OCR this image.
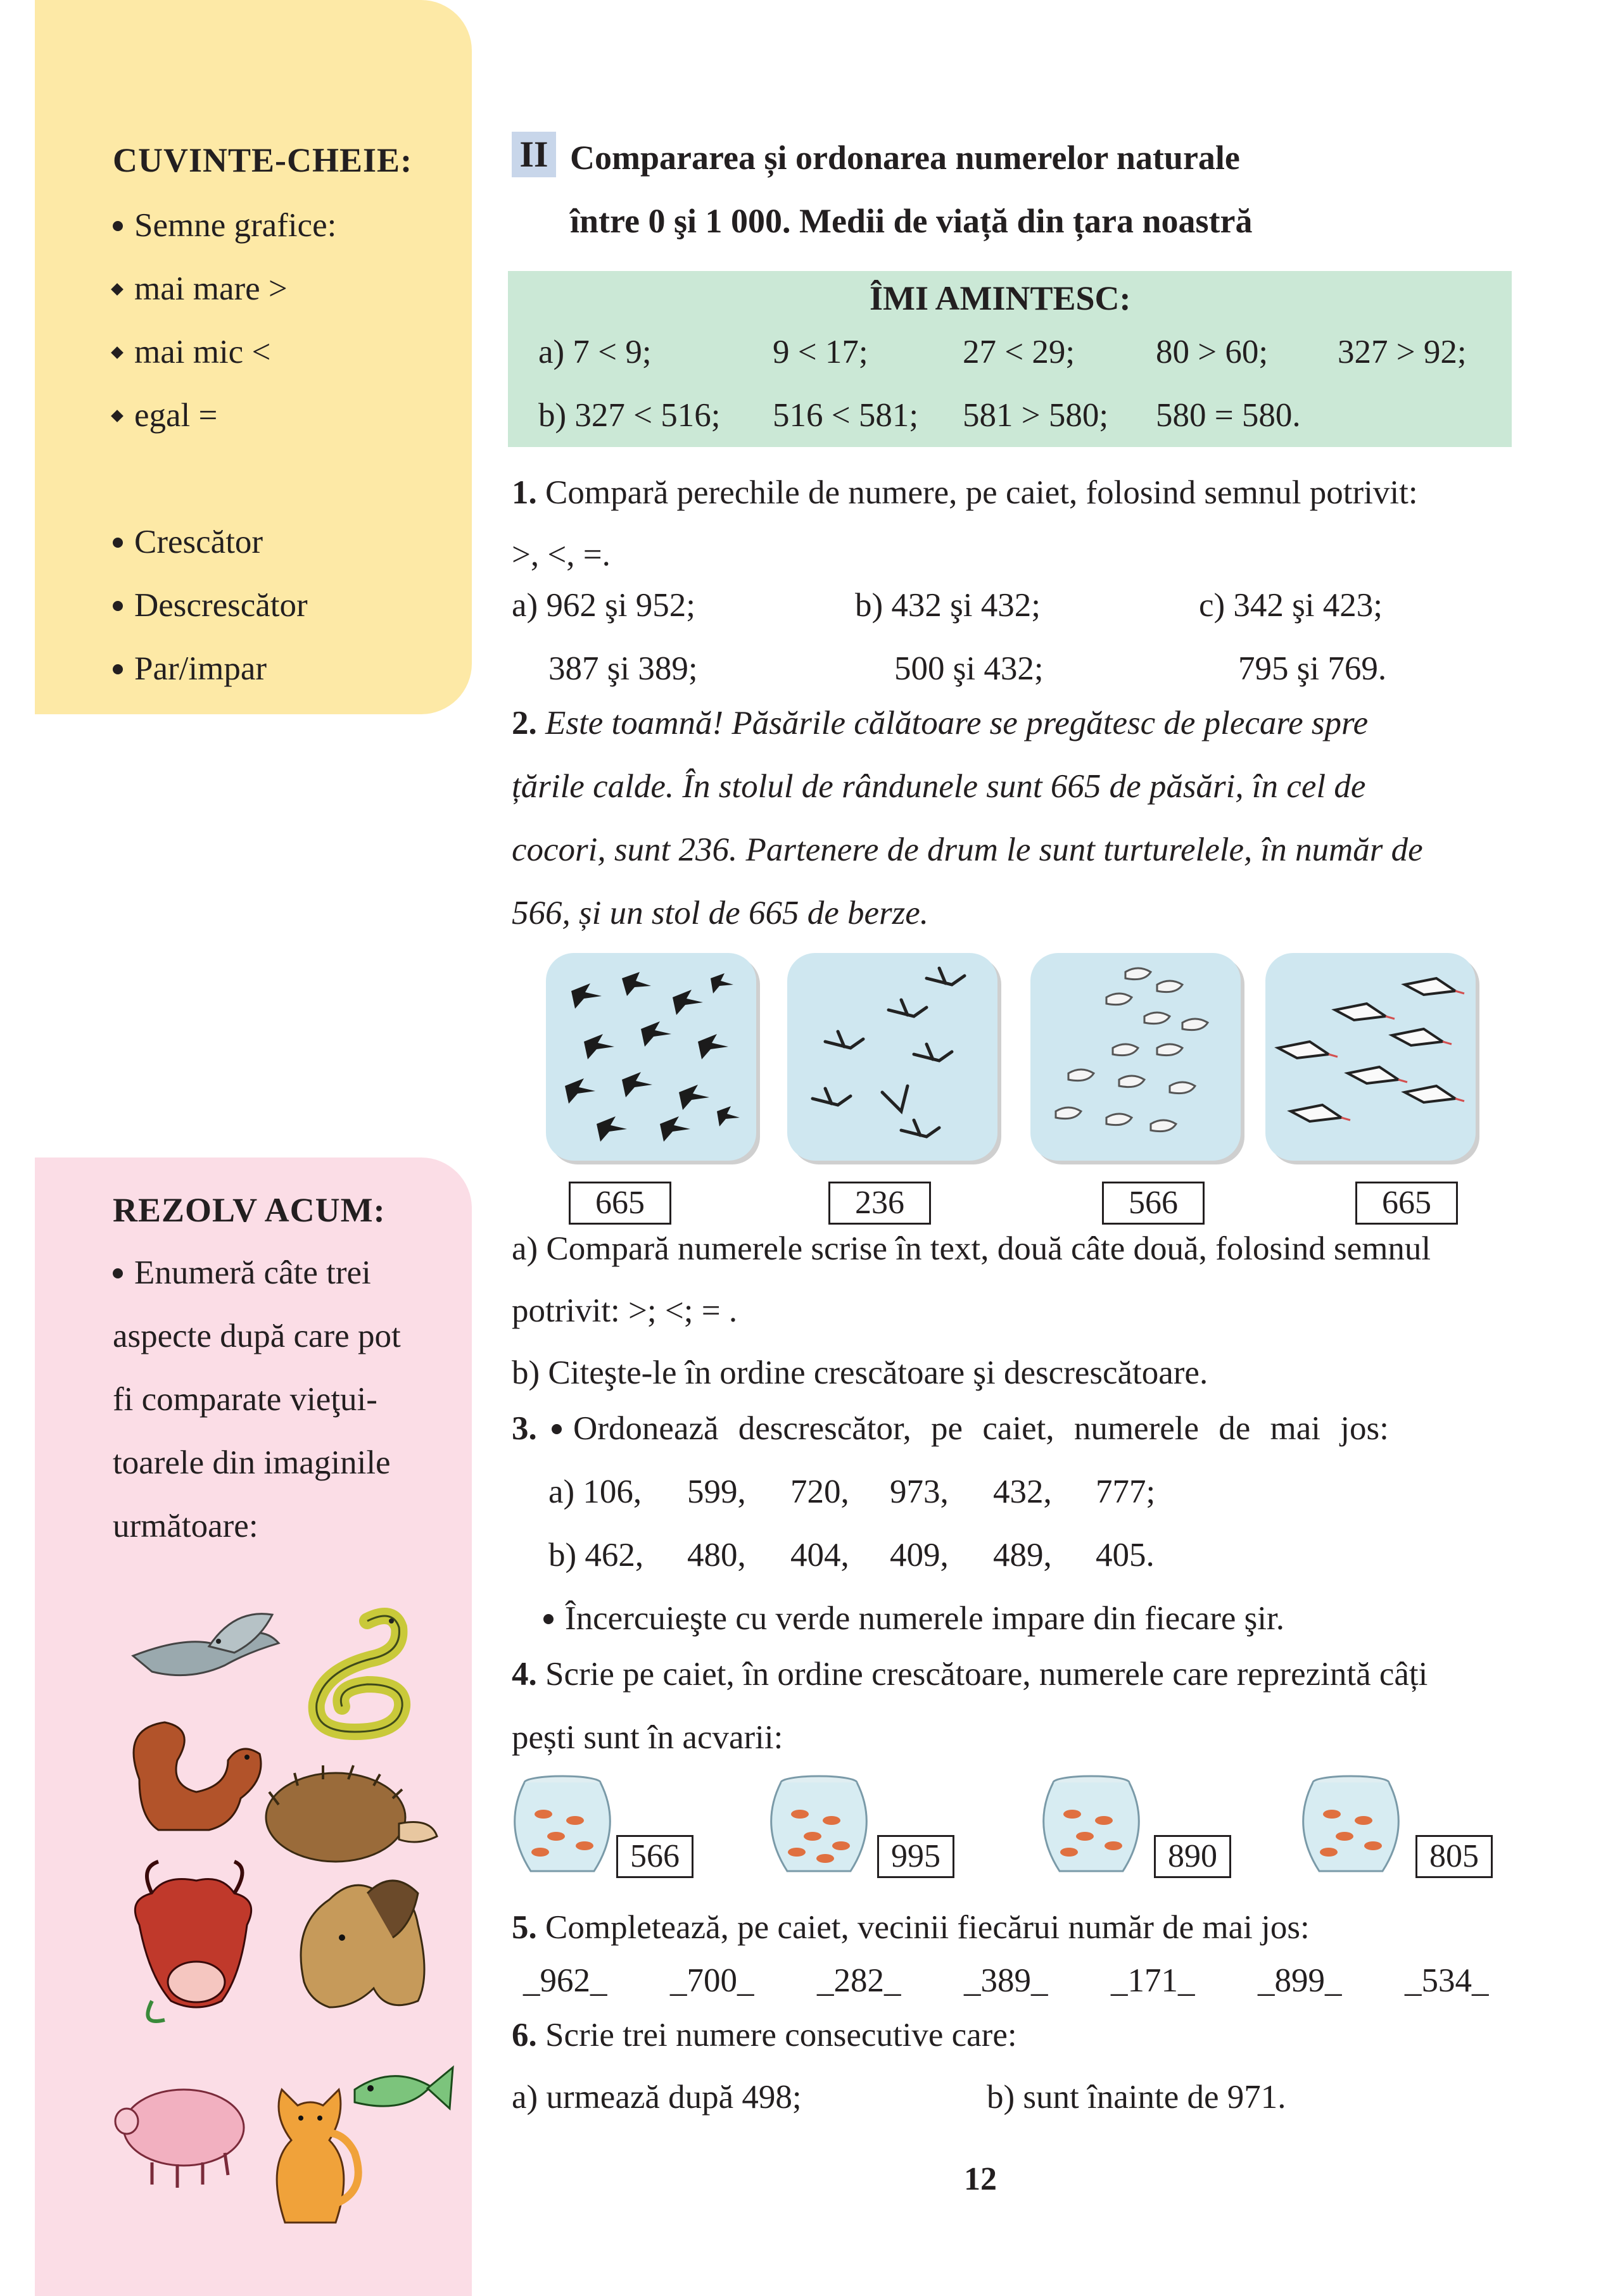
CUVINTE-CHEIE:
Semne grafice:
mai mare >
mai mic <
egal =
Crescător
Descrescător
Par/impar
REZOLV ACUM:
Enumeră câte trei
aspecte după care pot
fi comparate vieţui-
toarele din imaginile
următoare:
II Compararea și ordonarea numerelor naturale
între 0 şi 1 000. Medii de viață din țara noastră
ÎMI AMINTESC:
a) 7 < 9;	9 < 17;	27 < 29; 80 > 60; 327 > 92;
b) 327 < 516; 516 < 581; 581 > 580; 580 = 580.
1. Compară perechile de numere, pe caiet, folosind semnul potrivit:
>, <, =.
a) 962 şi 952;	b) 432 şi 432;	c) 342 şi 423;
387 şi 389;	500 şi 432;	795 şi 769.
2. Este toamnă! Păsările călătoare se pregătesc de plecare spre
țările calde. În stolul de rândunele sunt 665 de păsări, în cel de
cocori, sunt 236. Partenere de drum le sunt turturelele, în număr de
566, și un stol de 665 de berze.
665	236	566	665
a) Compară numerele scrise în text, două câte două, folosind semnul
potrivit: >; <; = .
b) Citeşte-le în ordine crescătoare şi descrescătoare.
3. Ordonează descrescător, pe caiet, numerele de mai jos:
a) 106, 599, 720, 973, 432, 777;
b) 462, 480, 404, 409, 489, 405.
Încercuieşte cu verde numerele impare din fiecare şir.
4. Scrie pe caiet, în ordine crescătoare, numerele care reprezintă câți
pești sunt în acvarii:
566	995	890	805
5. Completează, pe caiet, vecinii fiecărui număr de mai jos:
_962_ _700_ _282_ _389_ _171_ _899_ _534_
6. Scrie trei numere consecutive care:
a) urmează după 498;	b) sunt înainte de 971.
12
